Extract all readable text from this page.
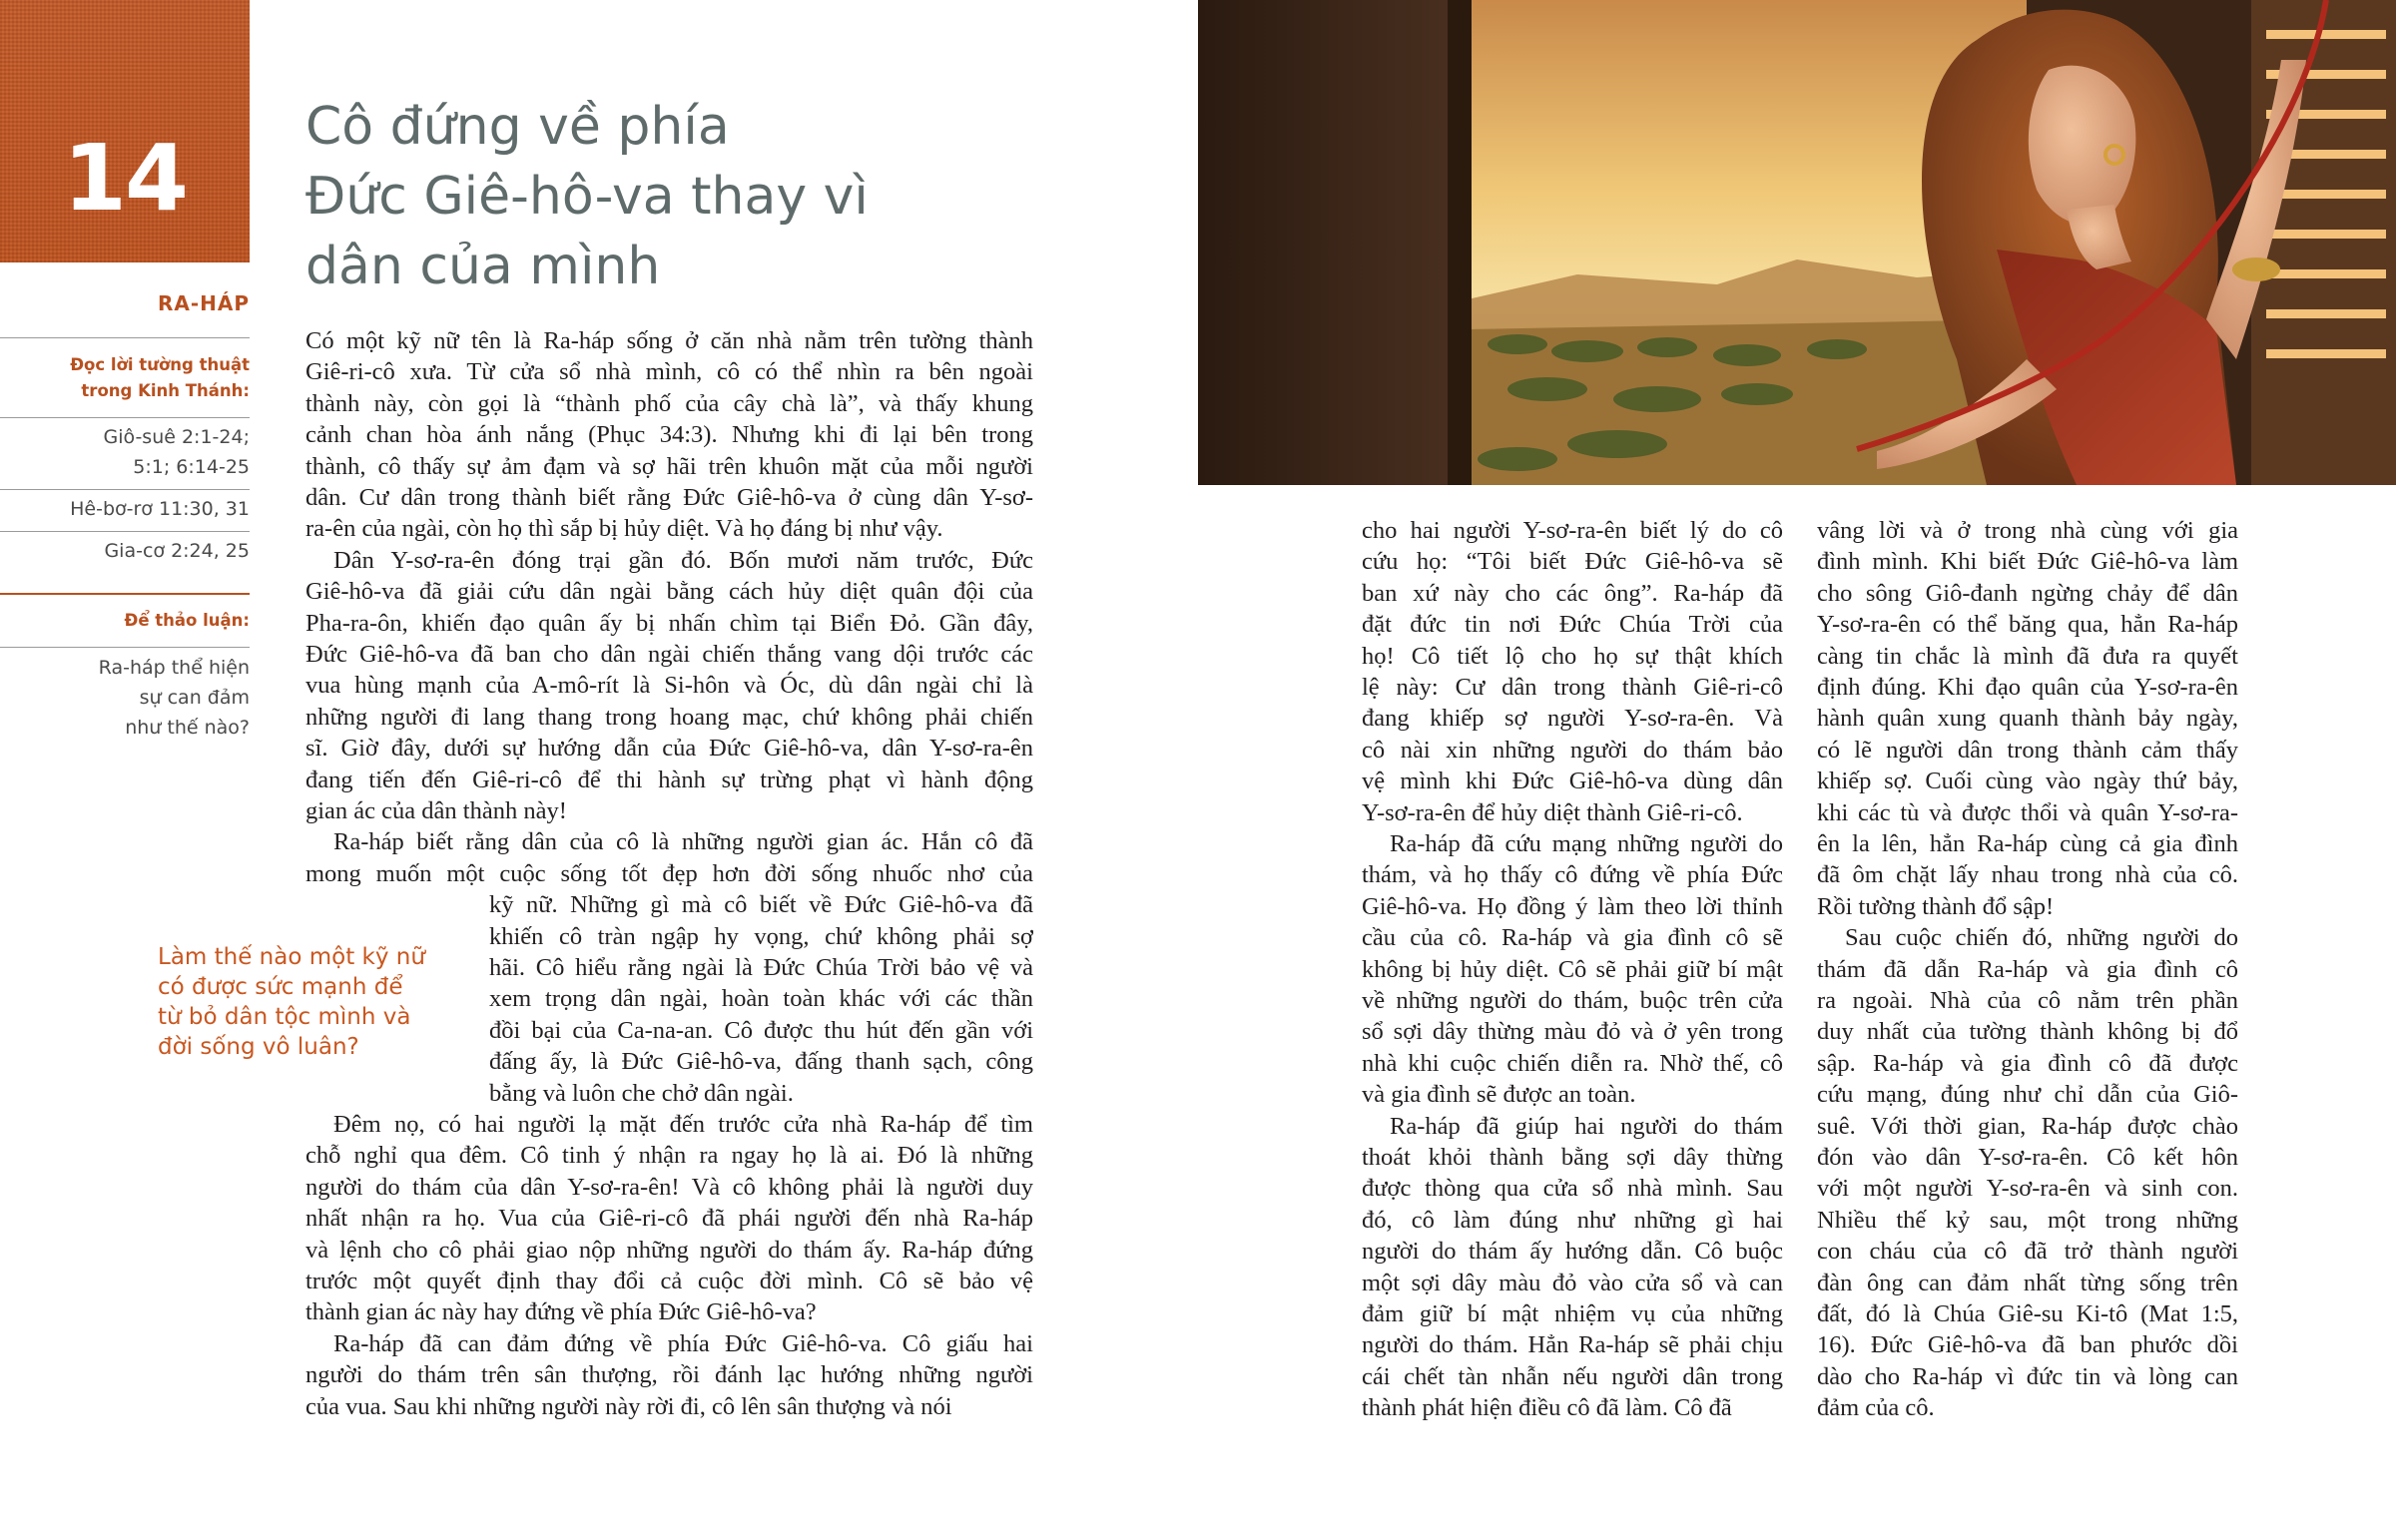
14	Cô đứng về phía
Đức Giê-hô-va thay vì
dân của mình
RA-HÁP
Đọc lời tường thuật
trong Kinh Thánh:
Giô-suê 2:1-24;
5:1; 6:14-25
Hê-bơ-rơ 11:30, 31
Gia-cơ 2:24, 25
Để thảo luận:
Ra-háp thể hiện
sự can đảm
như thế nào?
Làm thế nào một kỹ nữ
có được sức mạnh để
từ bỏ dân tộc mình và
đời sống vô luân?
Có một kỹ nữ tên là Ra-háp sống ở căn nhà nằm trên tường thành
Giê-ri-cô xưa. Từ cửa sổ nhà mình, cô có thể nhìn ra bên ngoài
thành này, còn gọi là “thành phố của cây chà là”, và thấy khung
cảnh chan hòa ánh nắng (Phục 34:3). Nhưng khi đi lại bên trong
thành, cô thấy sự ảm đạm và sợ hãi trên khuôn mặt của mỗi người
dân. Cư dân trong thành biết rằng Đức Giê-hô-va ở cùng dân Y-sơ-
ra-ên của ngài, còn họ thì sắp bị hủy diệt. Và họ đáng bị như vậy.
Dân Y-sơ-ra-ên đóng trại gần đó. Bốn mươi năm trước, Đức
Giê-hô-va đã giải cứu dân ngài bằng cách hủy diệt quân đội của
Pha-ra-ôn, khiến đạo quân ấy bị nhấn chìm tại Biển Đỏ. Gần đây,
Đức Giê-hô-va đã ban cho dân ngài chiến thắng vang dội trước các
vua hùng mạnh của A-mô-rít là Si-hôn và Óc, dù dân ngài chỉ là
những người đi lang thang trong hoang mạc, chứ không phải chiến
sĩ. Giờ đây, dưới sự hướng dẫn của Đức Giê-hô-va, dân Y-sơ-ra-ên
đang tiến đến Giê-ri-cô để thi hành sự trừng phạt vì hành động
gian ác của dân thành này!
Ra-háp biết rằng dân của cô là những người gian ác. Hắn cô đã
mong muốn một cuộc sống tốt đẹp hơn đời sống nhuốc nhơ của
kỹ nữ. Những gì mà cô biết về Đức Giê-hô-va đã
khiến cô tràn ngập hy vọng, chứ không phải sợ
hãi. Cô hiểu rằng ngài là Đức Chúa Trời bảo vệ và
xem trọng dân ngài, hoàn toàn khác với các thần
đồi bại của Ca-na-an. Cô được thu hút đến gần với
đấng ấy, là Đức Giê-hô-va, đấng thanh sạch, công
bằng và luôn che chở dân ngài.
Đêm nọ, có hai người lạ mặt đến trước cửa nhà Ra-háp để tìm
chỗ nghỉ qua đêm. Cô tinh ý nhận ra ngay họ là ai. Đó là những
người do thám của dân Y-sơ-ra-ên! Và cô không phải là người duy
nhất nhận ra họ. Vua của Giê-ri-cô đã phái người đến nhà Ra-háp
và lệnh cho cô phải giao nộp những người do thám ấy. Ra-háp đứng
trước một quyết định thay đổi cả cuộc đời mình. Cô sẽ bảo vệ
thành gian ác này hay đứng về phía Đức Giê-hô-va?
Ra-háp đã can đảm đứng về phía Đức Giê-hô-va. Cô giấu hai
người do thám trên sân thượng, rồi đánh lạc hướng những người
của vua. Sau khi những người này rời đi, cô lên sân thượng và nói
cho hai người Y-sơ-ra-ên biết lý do cô
cứu họ: “Tôi biết Đức Giê-hô-va sẽ
ban xứ này cho các ông”. Ra-háp đã
đặt đức tin nơi Đức Chúa Trời của
họ! Cô tiết lộ cho họ sự thật khích
lệ này: Cư dân trong thành Giê-ri-cô
đang khiếp sợ người Y-sơ-ra-ên. Và
cô nài xin những người do thám bảo
vệ mình khi Đức Giê-hô-va dùng dân
Y-sơ-ra-ên để hủy diệt thành Giê-ri-cô.
Ra-háp đã cứu mạng những người do
thám, và họ thấy cô đứng về phía Đức
Giê-hô-va. Họ đồng ý làm theo lời thỉnh
cầu của cô. Ra-háp và gia đình cô sẽ
không bị hủy diệt. Cô sẽ phải giữ bí mật
về những người do thám, buộc trên cửa
sổ sợi dây thừng màu đỏ và ở yên trong
nhà khi cuộc chiến diễn ra. Nhờ thế, cô
và gia đình sẽ được an toàn.
Ra-háp đã giúp hai người do thám
thoát khỏi thành bằng sợi dây thừng
được thòng qua cửa sổ nhà mình. Sau
đó, cô làm đúng như những gì hai
người do thám ấy hướng dẫn. Cô buộc
một sợi dây màu đỏ vào cửa sổ và can
đảm giữ bí mật nhiệm vụ của những
người do thám. Hẳn Ra-háp sẽ phải chịu
cái chết tàn nhẫn nếu người dân trong
thành phát hiện điều cô đã làm. Cô đã
vâng lời và ở trong nhà cùng với gia
đình mình. Khi biết Đức Giê-hô-va làm
cho sông Giô-đanh ngừng chảy để dân
Y-sơ-ra-ên có thể băng qua, hẳn Ra-háp
càng tin chắc là mình đã đưa ra quyết
định đúng. Khi đạo quân của Y-sơ-ra-ên
hành quân xung quanh thành bảy ngày,
có lẽ người dân trong thành cảm thấy
khiếp sợ. Cuối cùng vào ngày thứ bảy,
khi các tù và được thổi và quân Y-sơ-ra-
ên la lên, hẳn Ra-háp cùng cả gia đình
đã ôm chặt lấy nhau trong nhà của cô.
Rồi tường thành đổ sập!
Sau cuộc chiến đó, những người do
thám đã dẫn Ra-háp và gia đình cô
ra ngoài. Nhà của cô nằm trên phần
duy nhất của tường thành không bị đổ
sập. Ra-háp và gia đình cô đã được
cứu mạng, đúng như chỉ dẫn của Giô-
suê. Với thời gian, Ra-háp được chào
đón vào dân Y-sơ-ra-ên. Cô kết hôn
với một người Y-sơ-ra-ên và sinh con.
Nhiều thế kỷ sau, một trong những
con cháu của cô đã trở thành người
đàn ông can đảm nhất từng sống trên
đất, đó là Chúa Giê-su Ki-tô (Mat 1:5,
16). Đức Giê-hô-va đã ban phước dồi
dào cho Ra-háp vì đức tin và lòng can
đảm của cô.
